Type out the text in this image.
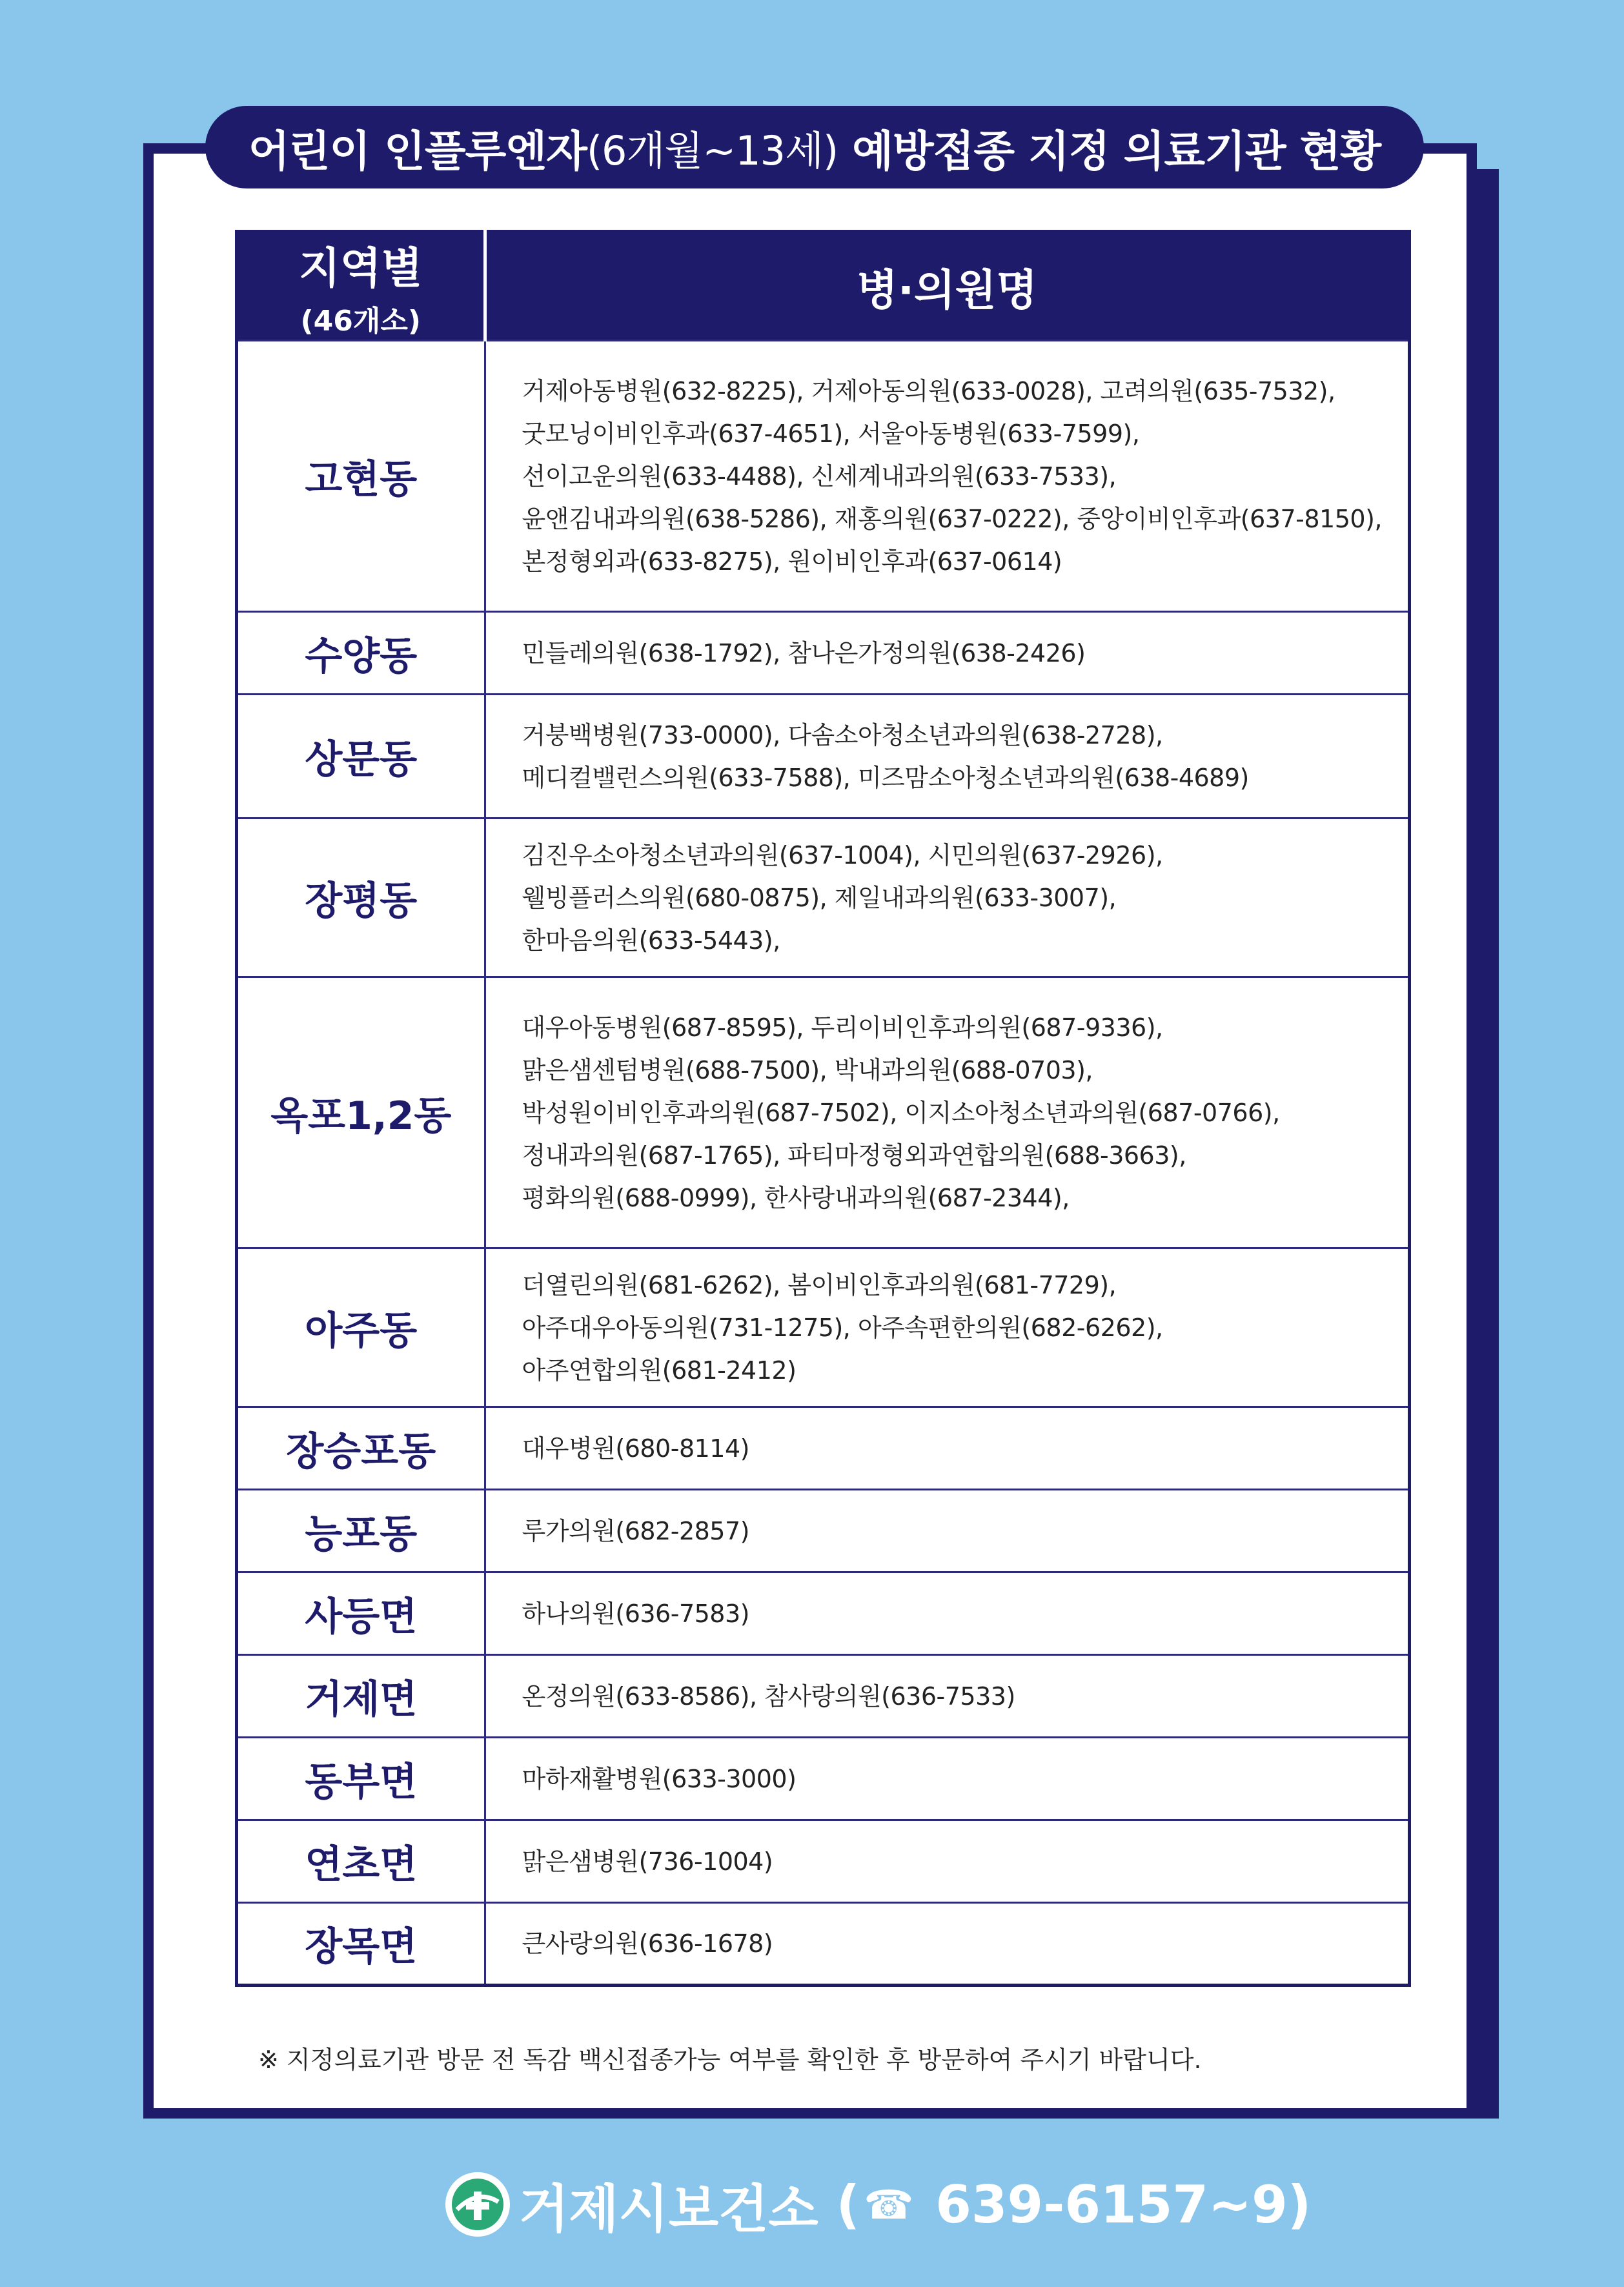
어린이 인플루엔자 (6개월~13세) 예방접종 지정 의료기관 현황
지역별
(46개소)	병·의원명
고현동	거제아동병원(632-8225), 거제아동의원(633-0028), 고려의원(635-7532),
굿모닝이비인후과(637-4651), 서울아동병원(633-7599),
선이고운의원(633-4488), 신세계내과의원(633-7533),
윤앤김내과의원(638-5286), 재홍의원(637-0222), 중앙이비인후과(637-8150),
본정형외과(633-8275), 원이비인후과(637-0614)

수양동	민들레의원(638-1792), 참나은가정의원(638-2426)

상문동	거붕백병원(733-0000), 다솜소아청소년과의원(638-2728),
메디컬밸런스의원(633-7588), 미즈맘소아청소년과의원(638-4689)

장평동	김진우소아청소년과의원(637-1004), 시민의원(637-2926),
웰빙플러스의원(680-0875), 제일내과의원(633-3007),
한마음의원(633-5443),

옥포1,2동	대우아동병원(687-8595), 두리이비인후과의원(687-9336),
맑은샘센텀병원(688-7500), 박내과의원(688-0703),
박성원이비인후과의원(687-7502), 이지소아청소년과의원(687-0766),
정내과의원(687-1765), 파티마정형외과연합의원(688-3663),
평화의원(688-0999), 한사랑내과의원(687-2344),

아주동	더열린의원(681-6262), 봄이비인후과의원(681-7729),
아주대우아동의원(731-1275), 아주속편한의원(682-6262),
아주연합의원(681-2412)

장승포동	대우병원(680-8114)

능포동	루가의원(682-2857)

사등면	하나의원(636-7583)

거제면	온정의원(633-8586), 참사랑의원(636-7533)

동부면	마하재활병원(633-3000)

연초면	맑은샘병원(736-1004)

장목면	큰사랑의원(636-1678)
※ 지정의료기관 방문 전 독감 백신접종가능 여부를 확인한 후 방문하여 주시기 바랍니다.
거제시보건소 ( ☎ 639-6157~9)
